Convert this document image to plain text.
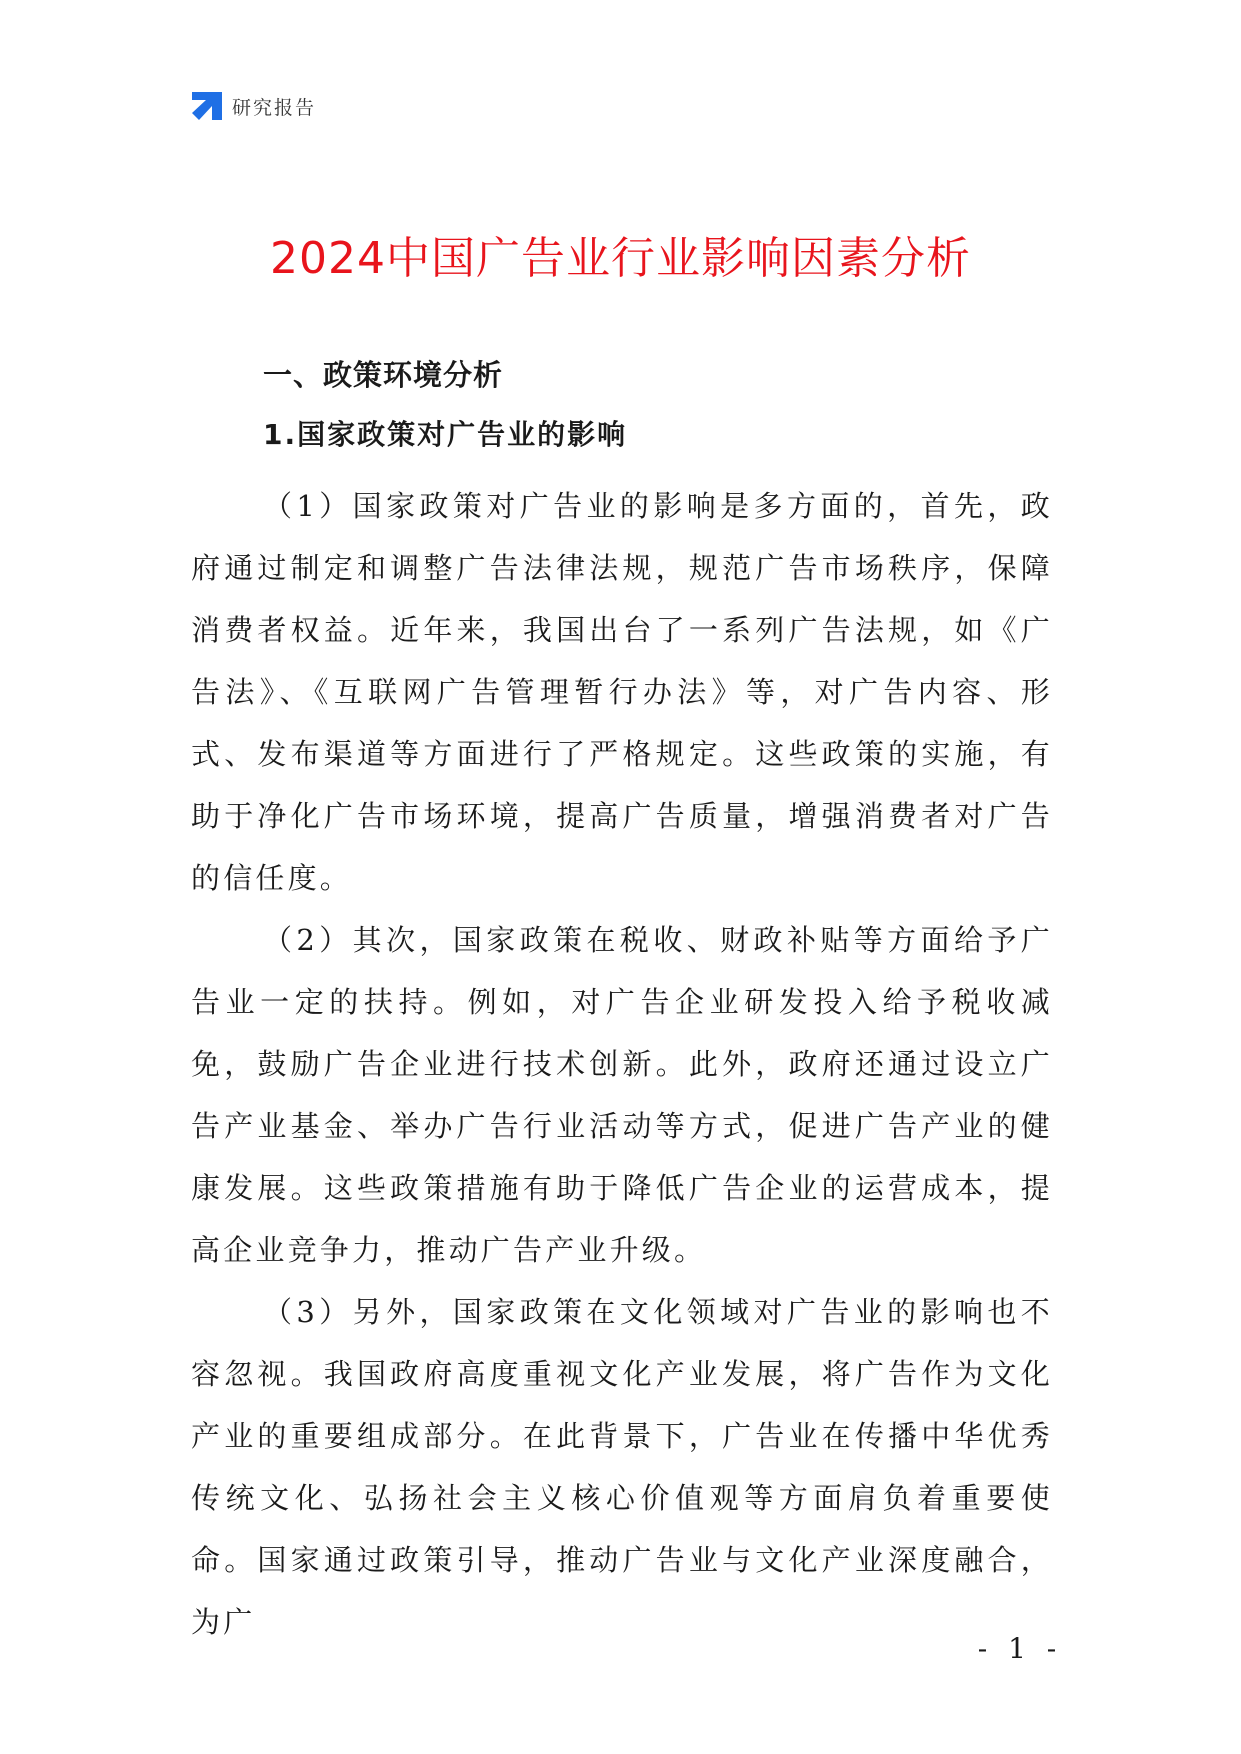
研究报告
2024中国广告业行业影响因素分析
一、政策环境分析
1.国家政策对广告业的影响

（1）国家政策对广告业的影响是多方面的，首先，政府通过制定和调整广告法律法规，规范广告市场秩序，保障消费者权益。近年来，我国出台了一系列广告法规，如《广告法》、《互联网广告管理暂行办法》等，对广告内容、形式、发布渠道等方面进行了严格规定。这些政策的实施，有助于净化广告市场环境，提高广告质量，增强消费者对广告的信任度。

（2）其次，国家政策在税收、财政补贴等方面给予广告业一定的扶持。例如，对广告企业研发投入给予税收减免，鼓励广告企业进行技术创新。此外，政府还通过设立广告产业基金、举办广告行业活动等方式，促进广告产业的健康发展。这些政策措施有助于降低广告企业的运营成本，提高企业竞争力，推动广告产业升级。

（3）另外，国家政策在文化领域对广告业的影响也不容忽视。我国政府高度重视文化产业发展，将广告作为文化产业的重要组成部分。在此背景下，广告业在传播中华优秀传统文化、弘扬社会主义核心价值观等方面肩负着重要使命。国家通过政策引导，推动广告业与文化产业深度融合，为广

- 1 -
